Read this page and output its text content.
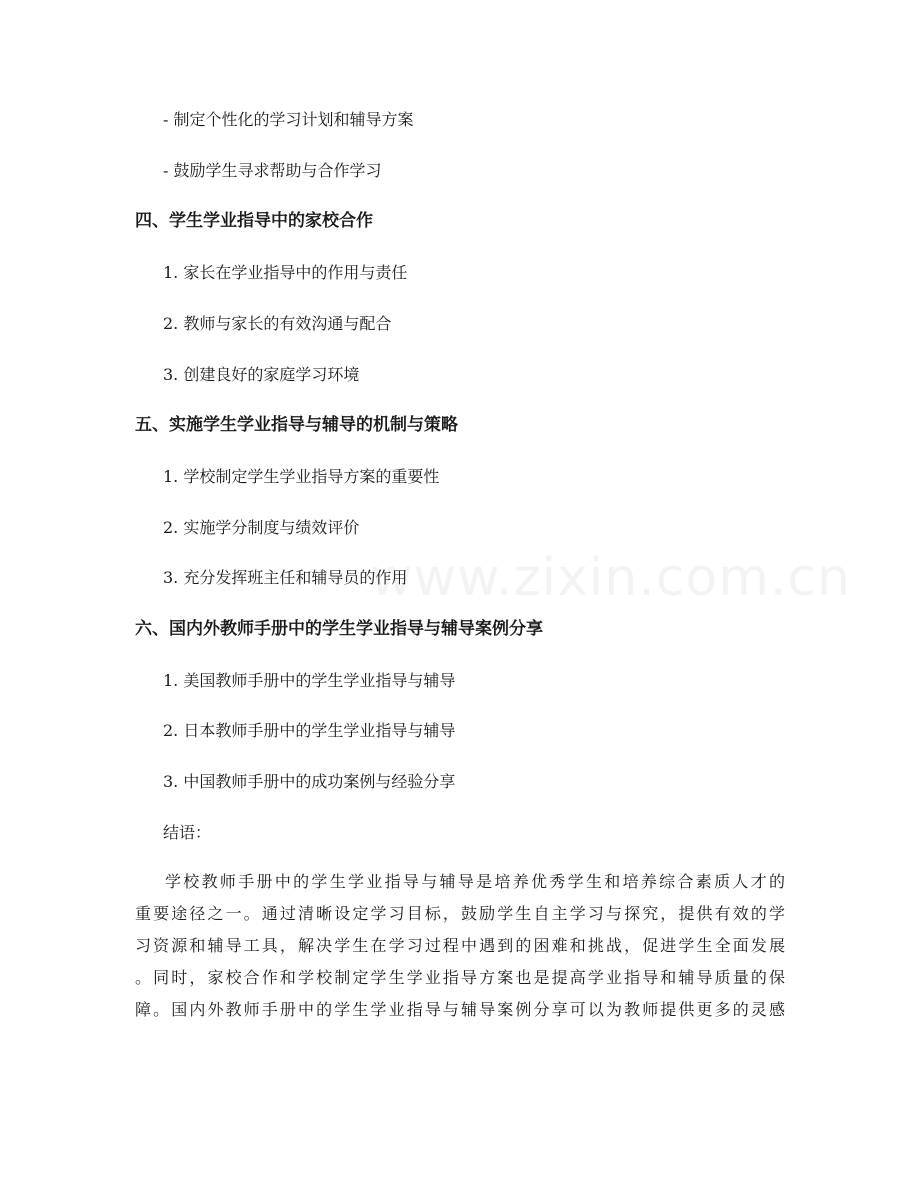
www.zixin.com.cn
- 制定个性化的学习计划和辅导方案
- 鼓励学生寻求帮助与合作学习
四、学生学业指导中的家校合作
1. 家长在学业指导中的作用与责任
2. 教师与家长的有效沟通与配合
3. 创建良好的家庭学习环境
五、实施学生学业指导与辅导的机制与策略
1. 学校制定学生学业指导方案的重要性
2. 实施学分制度与绩效评价
3. 充分发挥班主任和辅导员的作用
六、国内外教师手册中的学生学业指导与辅导案例分享
1. 美国教师手册中的学生学业指导与辅导
2. 日本教师手册中的学生学业指导与辅导
3. 中国教师手册中的成功案例与经验分享
结语：
学校教师手册中的学生学业指导与辅导是培养优秀学生和培养综合素质人才的
重要途径之一。通过清晰设定学习目标，鼓励学生自主学习与探究，提供有效的学
习资源和辅导工具，解决学生在学习过程中遇到的困难和挑战，促进学生全面发展
。同时，家校合作和学校制定学生学业指导方案也是提高学业指导和辅导质量的保
障。国内外教师手册中的学生学业指导与辅导案例分享可以为教师提供更多的灵感
